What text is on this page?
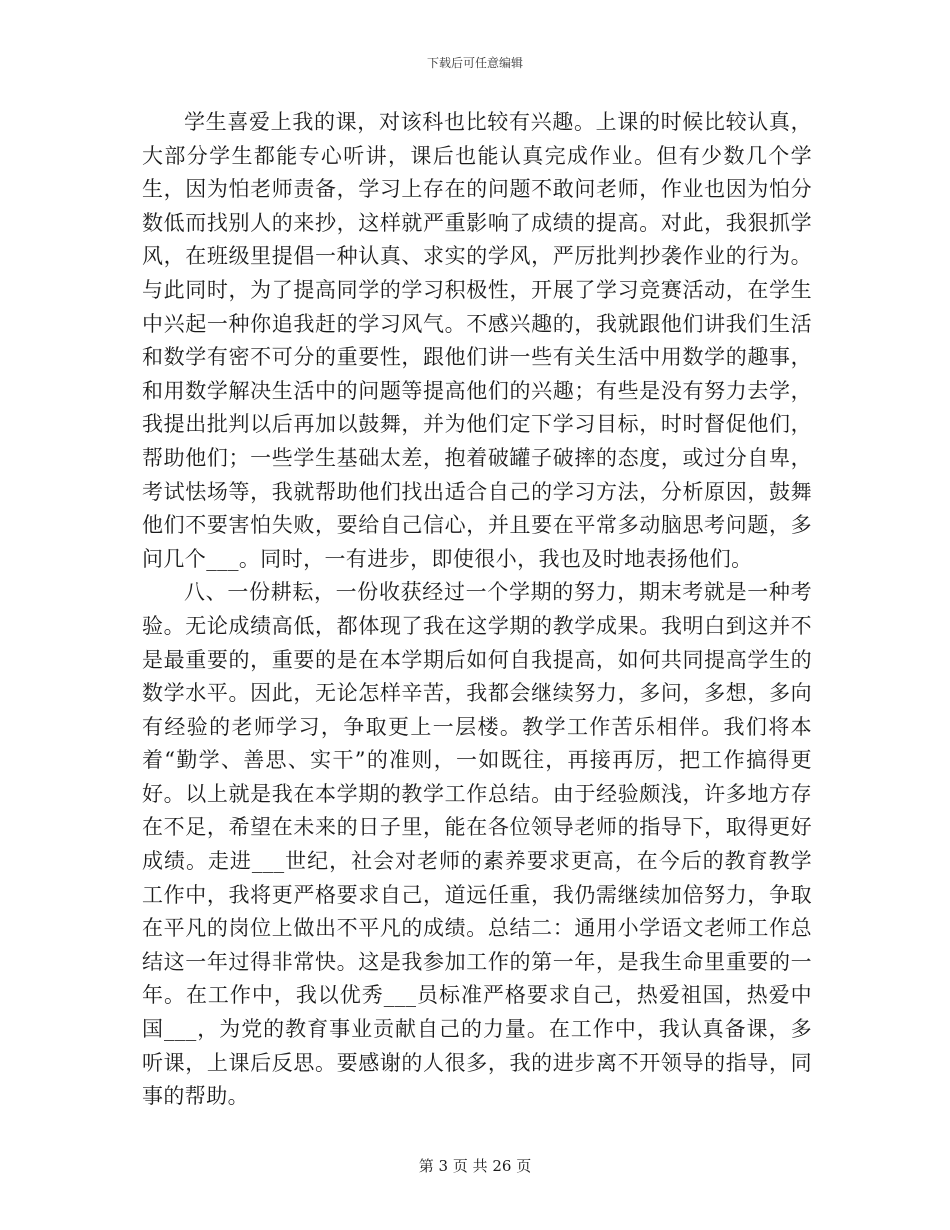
下载后可任意编辑

学生喜爱上我的课，对该科也比较有兴趣。上课的时候比较认真，大部分学生都能专心听讲，课后也能认真完成作业。但有少数几个学生，因为怕老师责备，学习上存在的问题不敢问老师，作业也因为怕分数低而找别人的来抄，这样就严重影响了成绩的提高。对此，我狠抓学风，在班级里提倡一种认真、求实的学风，严厉批判抄袭作业的行为。与此同时，为了提高同学的学习积极性，开展了学习竞赛活动，在学生中兴起一种你追我赶的学习风气。不感兴趣的，我就跟他们讲我们生活和数学有密不可分的重要性，跟他们讲一些有关生活中用数学的趣事，和用数学解决生活中的问题等提高他们的兴趣；有些是没有努力去学，我提出批判以后再加以鼓舞，并为他们定下学习目标，时时督促他们，帮助他们；一些学生基础太差，抱着破罐子破摔的态度，或过分自卑，考试怯场等，我就帮助他们找出适合自己的学习方法，分析原因，鼓舞他们不要害怕失败，要给自己信心，并且要在平常多动脑思考问题，多问几个___。同时，一有进步，即使很小，我也及时地表扬他们。

八、一份耕耘，一份收获经过一个学期的努力，期末考就是一种考验。无论成绩高低，都体现了我在这学期的教学成果。我明白到这并不是最重要的，重要的是在本学期后如何自我提高，如何共同提高学生的数学水平。因此，无论怎样辛苦，我都会继续努力，多问，多想，多向有经验的老师学习，争取更上一层楼。教学工作苦乐相伴。我们将本着“勤学、善思、实干”的准则，一如既往，再接再厉，把工作搞得更好。以上就是我在本学期的教学工作总结。由于经验颇浅，许多地方存在不足，希望在未来的日子里，能在各位领导老师的指导下，取得更好成绩。走进___世纪，社会对老师的素养要求更高，在今后的教育教学工作中，我将更严格要求自己，道远任重，我仍需继续加倍努力，争取在平凡的岗位上做出不平凡的成绩。总结二：通用小学语文老师工作总结这一年过得非常快。这是我参加工作的第一年，是我生命里重要的一年。在工作中，我以优秀___员标准严格要求自己，热爱祖国，热爱中国___，为党的教育事业贡献自己的力量。在工作中，我认真备课，多听课，上课后反思。要感谢的人很多，我的进步离不开领导的指导，同事的帮助。

第 3 页 共 26 页
